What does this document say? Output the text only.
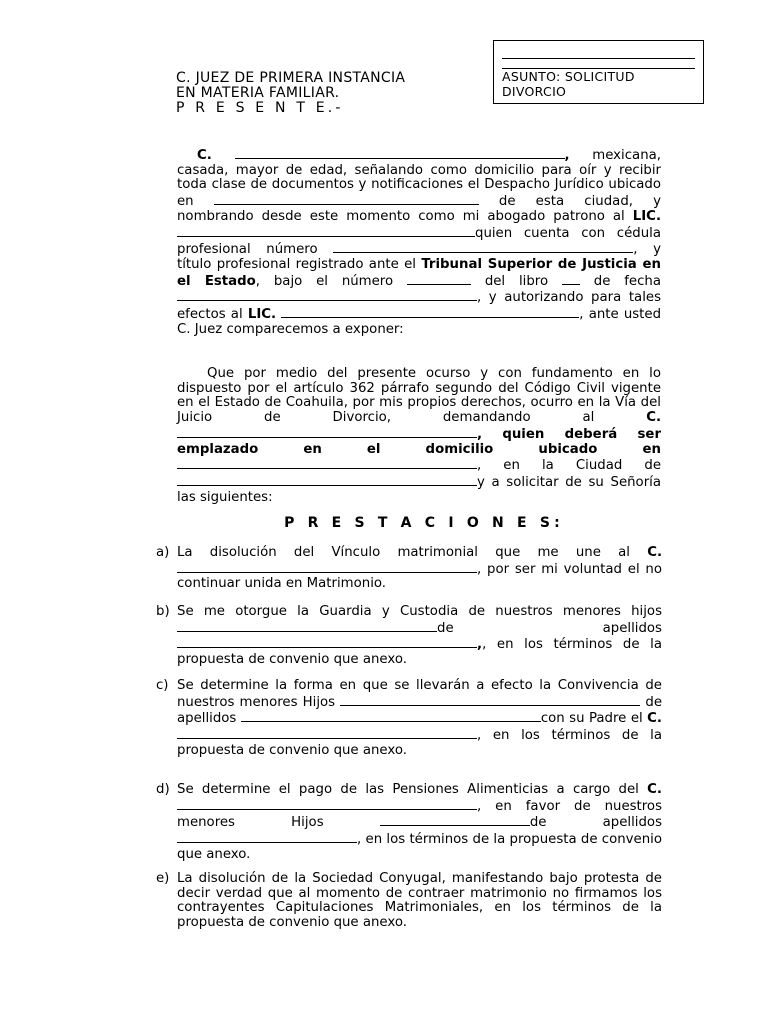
ASUNTO: SOLICITUD
DIVORCIO
C. JUEZ DE PRIMERA INSTANCIA
EN MATERIA FAMILIAR.
P R E S E N T E.-
C.	, mexicana, casada, mayor de edad, señalando como domicilio para oír y recibir toda clase de documentos y notificaciones el Despacho Jurídico ubicado en	de esta ciudad, y nombrando desde este momento como mi abogado patrono al LIC. quien cuenta con cédula profesional número	, y título profesional registrado ante el Tribunal Superior de Justicia en el Estado, bajo el número	del libro	de fecha , y autorizando para tales efectos al LIC.	, ante usted C. Juez comparecemos a exponer:
Que por medio del presente ocurso y con fundamento en lo dispuesto por el artículo 362 párrafo segundo del Código Civil vigente en el Estado de Coahuila, por mis propios derechos, ocurro en la Vía del Juicio de Divorcio, demandando al	C. , quien deberá ser emplazado en el domicilio ubicado en , en la Ciudad de y a solicitar de su Señoría las siguientes:
P R E S T A C I O N E S:
a) La disolución del Vínculo matrimonial que me une al C. , por ser mi voluntad el no continuar unida en Matrimonio.
b) Se me otorgue la Guardia y Custodia de nuestros menores hijos de apellidos ,, en los términos de la propuesta de convenio que anexo.
c) Se determine la forma en que se llevarán a efecto la Convivencia de nuestros menores Hijos	de apellidos	con su Padre el C. , en los términos de la propuesta de convenio que anexo.
d) Se determine el pago de las Pensiones Alimenticias a cargo del C. , en favor de nuestros menores Hijos	de apellidos , en los términos de la propuesta de convenio que anexo.
e) La disolución de la Sociedad Conyugal, manifestando bajo protesta de decir verdad que al momento de contraer matrimonio no firmamos los contrayentes Capitulaciones Matrimoniales, en los términos de la propuesta de convenio que anexo.
